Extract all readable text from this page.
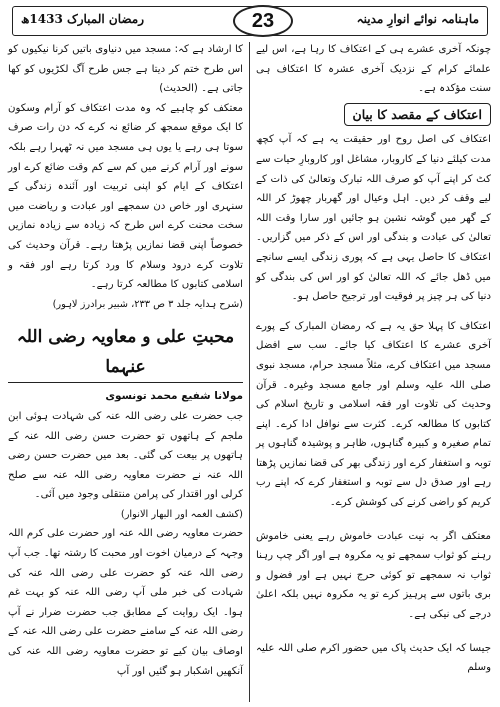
رمضان المبارک 1433ھ	23	ماہنامہ نوائے انوارِ مدینہ

چونکہ آخری عشرے ہی کے اعتکاف کا رہا ہے، اس لیے علمائے کرام کے نزدیک آخری عشرہ کا اعتکاف ہی سنت مؤکدہ ہے۔

اعتکاف کے مقصد کا بیان

اعتکاف کی اصل روح اور حقیقت یہ ہے کہ آپ کچھ مدت کیلئے دنیا کے کاروبار، مشاغل اور کاروبارِ حیات سے کٹ کر اپنے آپ کو صرف اللہ تبارک وتعالیٰ کی ذات کے لیے وقف کر دیں۔ اہل وعیال اور گھربار چھوڑ کر اللہ کے گھر میں گوشہ نشین ہو جائیں اور سارا وقت اللہ تعالیٰ کی عبادت و بندگی اور اس کے ذکر میں گزاریں۔ اعتکاف کا حاصل یہی ہے کہ پوری زندگی ایسے سانچے میں ڈھل جائے کہ اللہ تعالیٰ کو اور اس کی بندگی کو دنیا کی ہر چیز پر فوقیت اور ترجیح حاصل ہو۔

اعتکاف کا پہلا حق یہ ہے کہ رمضان المبارک کے پورے آخری عشرے کا اعتکاف کیا جائے۔ سب سے افضل مسجد میں اعتکاف کرے، مثلاً مسجد حرام، مسجد نبوی صلی اللہ علیہ وسلم اور جامع مسجد وغیرہ۔ قرآن وحدیث کی تلاوت اور فقہ اسلامی و تاریخ اسلام کی کتابوں کا مطالعہ کرے۔ کثرت سے نوافل ادا کرے۔ اپنے تمام صغیرہ و کبیرہ گناہوں، ظاہر و پوشیدہ گناہوں پر توبہ و استغفار کرے اور زندگی بھر کی قضا نمازیں پڑھتا رہے اور صدق دل سے توبہ و استغفار کرے کہ اپنے رب کریم کو راضی کرنے کی کوشش کرے۔

معتکف اگر بہ نیت عبادت خاموش رہے یعنی خاموش رہنے کو ثواب سمجھے تو یہ مکروہ ہے اور اگر چپ رہنا ثواب نہ سمجھے تو کوئی حرج نہیں ہے اور فضول و بری باتوں سے پرہیز کرے تو یہ مکروہ نہیں بلکہ اعلیٰ درجے کی نیکی ہے۔

جیسا کہ ایک حدیث پاک میں حضور اکرم صلی اللہ علیہ وسلم

کا ارشاد ہے کہ: مسجد میں دنیاوی باتیں کرنا نیکیوں کو اس طرح ختم کر دیتا ہے جس طرح آگ لکڑیوں کو کھا جاتی ہے۔ (الحدیث)

معتکف کو چاہیے کہ وہ مدت اعتکاف کو آرام وسکون کا ایک موقع سمجھ کر ضائع نہ کرے کہ دن رات صرف سوتا ہی رہے یا یوں ہی مسجد میں نہ ٹھہرا رہے بلکہ سونے اور آرام کرنے میں کم سے کم وقت ضائع کرے اور اعتکاف کے ایام کو اپنی تربیت اور آئندہ زندگی کے سنہری اور خاص دن سمجھے اور عبادت و ریاضت میں سخت محنت کرے اس طرح کہ زیادہ سے زیادہ نمازیں خصوصاً اپنی قضا نمازیں پڑھتا رہے۔ قرآن وحدیث کی تلاوت کرے درود وسلام کا ورد کرتا رہے اور فقہ و اسلامی کتابوں کا مطالعہ کرتا رہے۔

(شرح ہدایہ جلد ۳ ص ۲۳۳، شبیر برادرز لاہور)

محبتِ علی و معاویہ رضی اللہ عنہما

مولانا شفیع محمد تونسوی

جب حضرت علی رضی اللہ عنہ کی شہادت ہوئی ابن ملجم کے ہاتھوں تو حضرت حسن رضی اللہ عنہ کے ہاتھوں پر بیعت کی گئی۔ بعد میں حضرت حسن رضی اللہ عنہ نے حضرت معاویہ رضی اللہ عنہ سے صلح کرلی اور اقتدار کی پرامن منتقلی وجود میں آئی۔

(کشف الغمہ اور البھار الانوار)

حضرت معاویہ رضی اللہ عنہ اور حضرت علی کرم اللہ وجہہ کے درمیان اخوت اور محبت کا رشتہ تھا۔ جب آپ رضی اللہ عنہ کو حضرت علی رضی اللہ عنہ کی شہادت کی خبر ملی آپ رضی اللہ عنہ کو بہت غم ہوا۔ ایک روایت کے مطابق جب حضرت ضرار نے آپ رضی اللہ عنہ کے سامنے حضرت علی رضی اللہ عنہ کے اوصاف بیان کیے تو حضرت معاویہ رضی اللہ عنہ کی آنکھیں اشکبار ہو گئیں اور آپ
